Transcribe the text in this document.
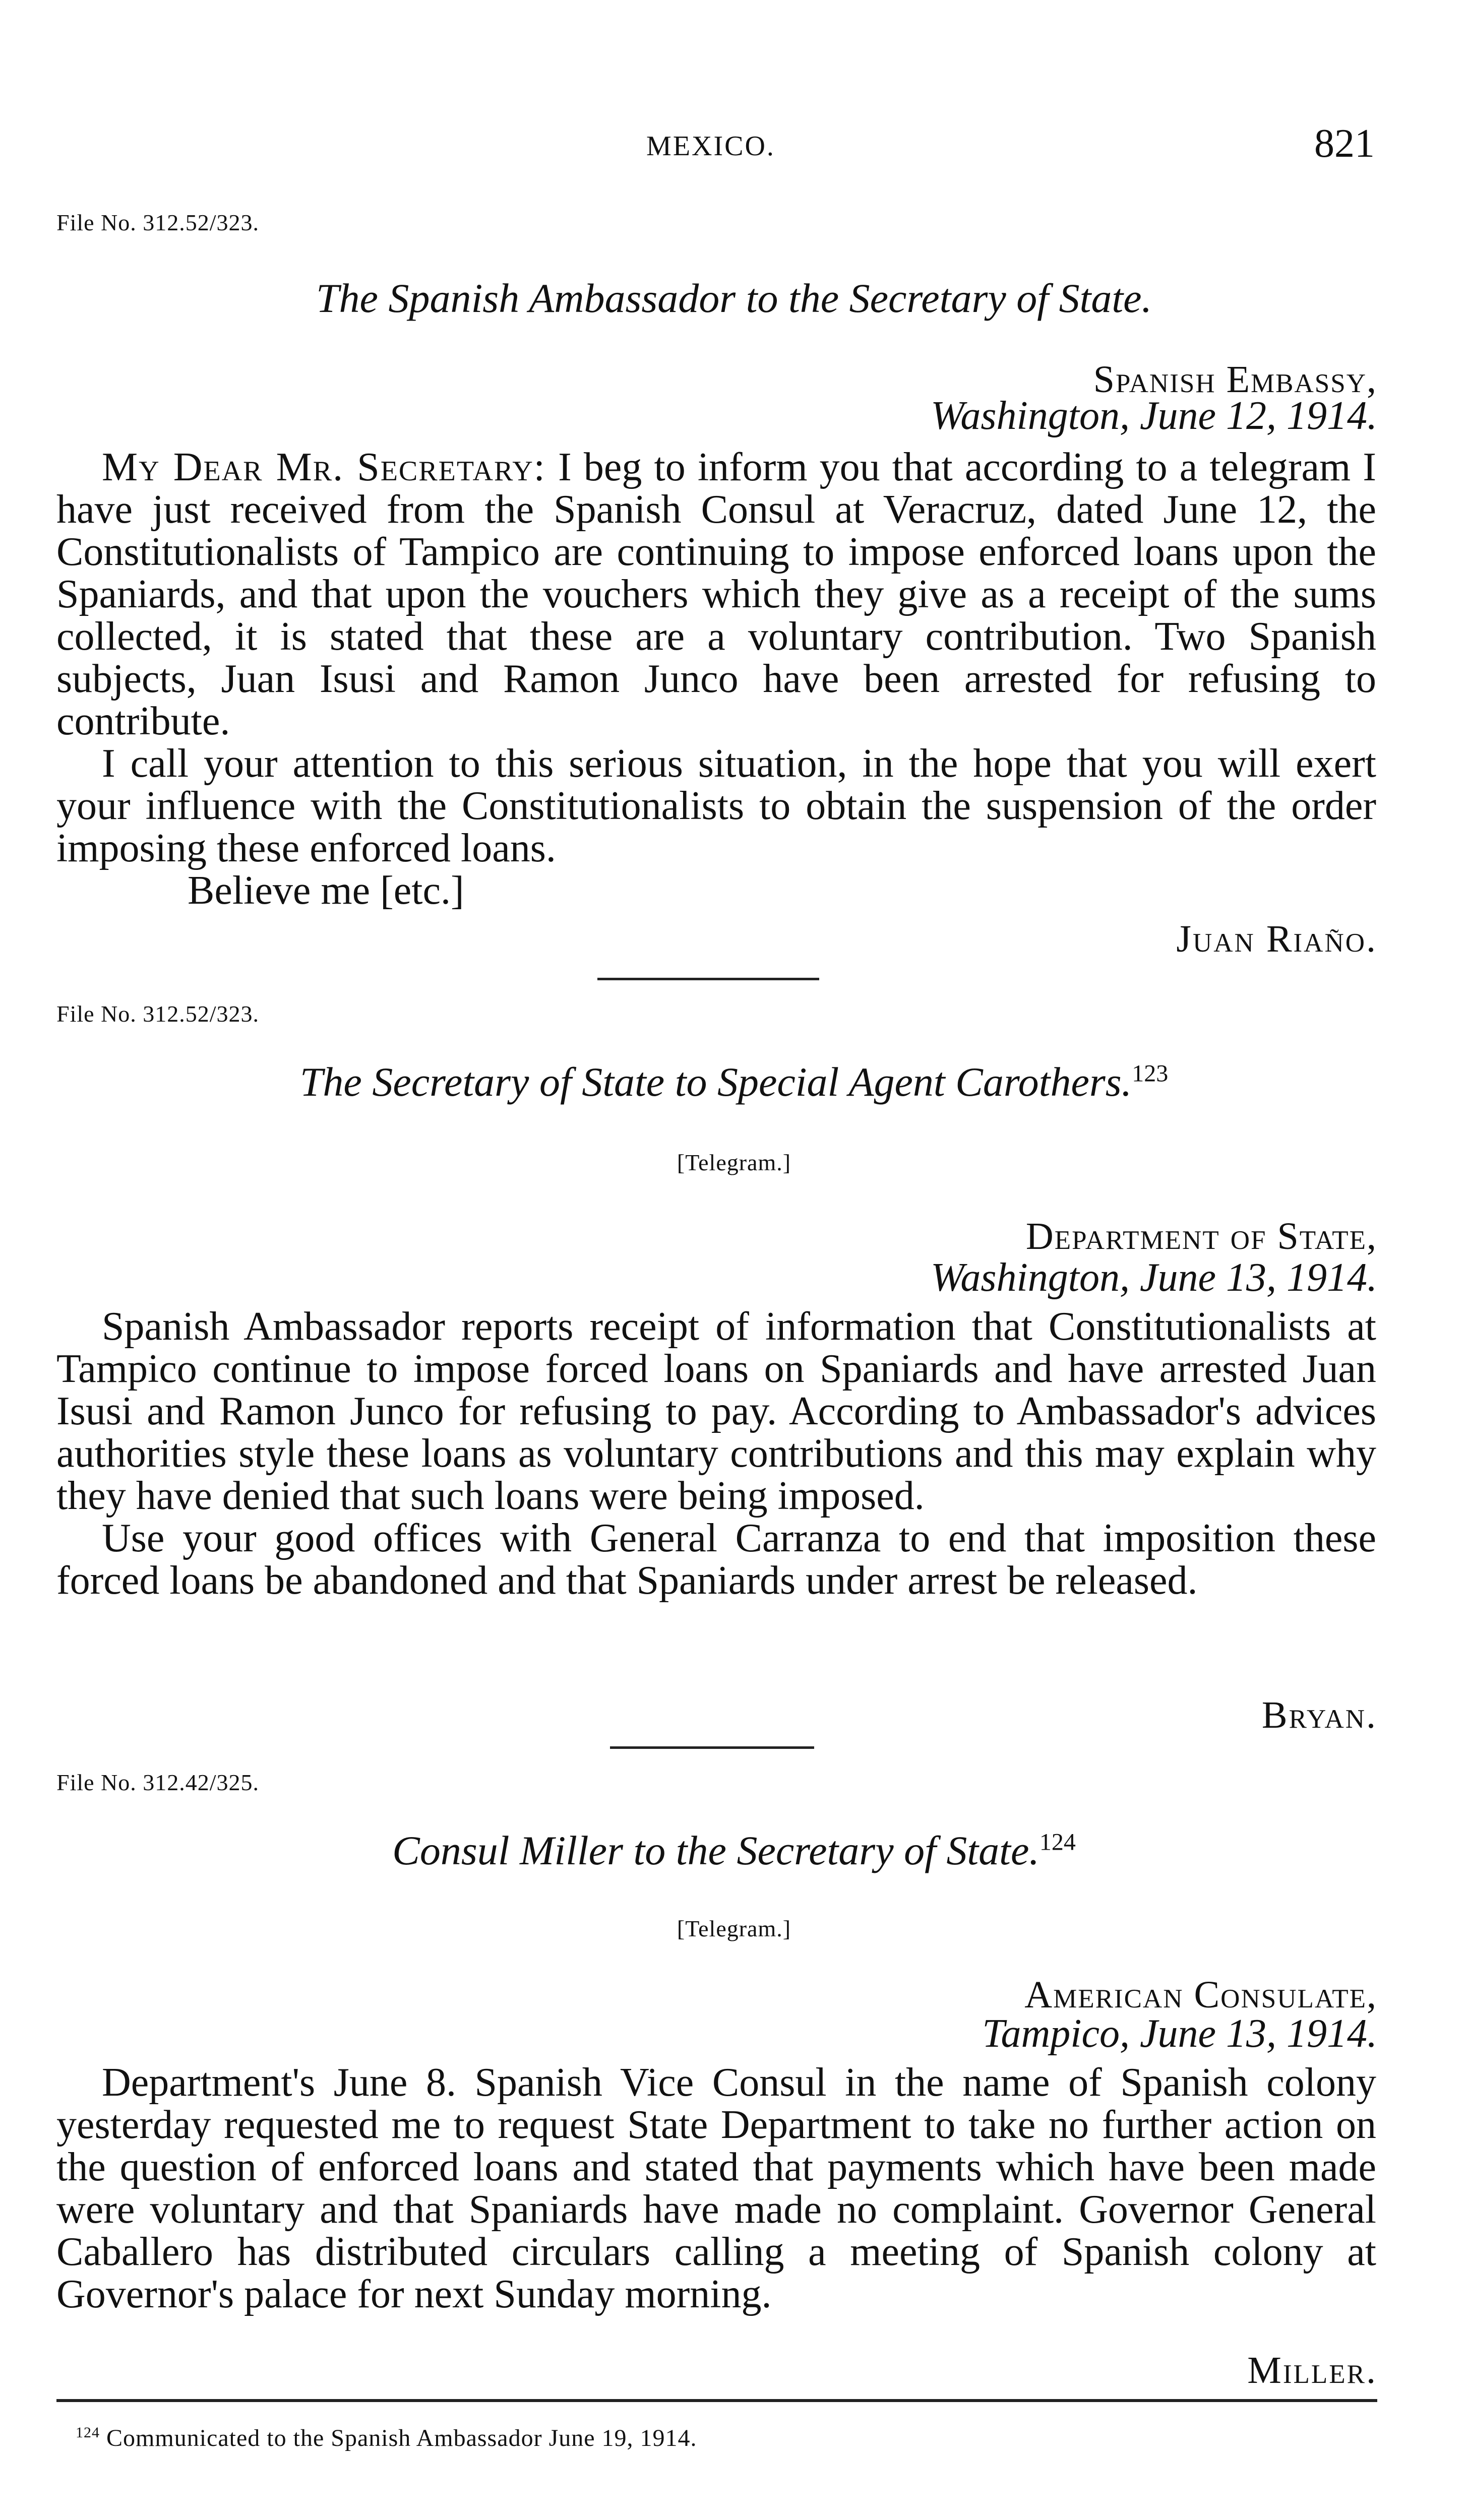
MEXICO.	821
File No. 312.52/323.
The Spanish Ambassador to the Secretary of State.
Spanish Embassy,
Washington, June 12, 1914.

My Dear Mr. Secretary: I beg to inform you that according to a telegram I have just received from the Spanish Consul at Veracruz, dated June 12, the Constitutionalists of Tampico are continuing to impose enforced loans upon the Spaniards, and that upon the vouchers which they give as a receipt of the sums collected, it is stated that these are a voluntary contribution. Two Spanish subjects, Juan Isusi and Ramon Junco have been arrested for refusing to contribute.

I call your attention to this serious situation, in the hope that you will exert your influence with the Constitutionalists to obtain the suspension of the order imposing these enforced loans.

Believe me [etc.]

Juan Riaño.
File No. 312.52/323.
The Secretary of State to Special Agent Carothers.$^{123}$
[Telegram.]
Department of State,
Washington, June 13, 1914.

Spanish Ambassador reports receipt of information that Constitutionalists at Tampico continue to impose forced loans on Spaniards and have arrested Juan Isusi and Ramon Junco for refusing to pay. According to Ambassador's advices authorities style these loans as voluntary contributions and this may explain why they have denied that such loans were being imposed.

Use your good offices with General Carranza to end that imposition these forced loans be abandoned and that Spaniards under arrest be released.

Bryan.
File No. 312.42/325.
Consul Miller to the Secretary of State.$^{124}$
[Telegram.]
American Consulate,
Tampico, June 13, 1914.

Department's June 8. Spanish Vice Consul in the name of Spanish colony yesterday requested me to request State Department to take no further action on the question of enforced loans and stated that payments which have been made were voluntary and that Spaniards have made no complaint. Governor General Caballero has distributed circulars calling a meeting of Spanish colony at Governor's palace for next Sunday morning.

Miller.
$^{124}$ Communicated to the Spanish Ambassador June 19, 1914.
